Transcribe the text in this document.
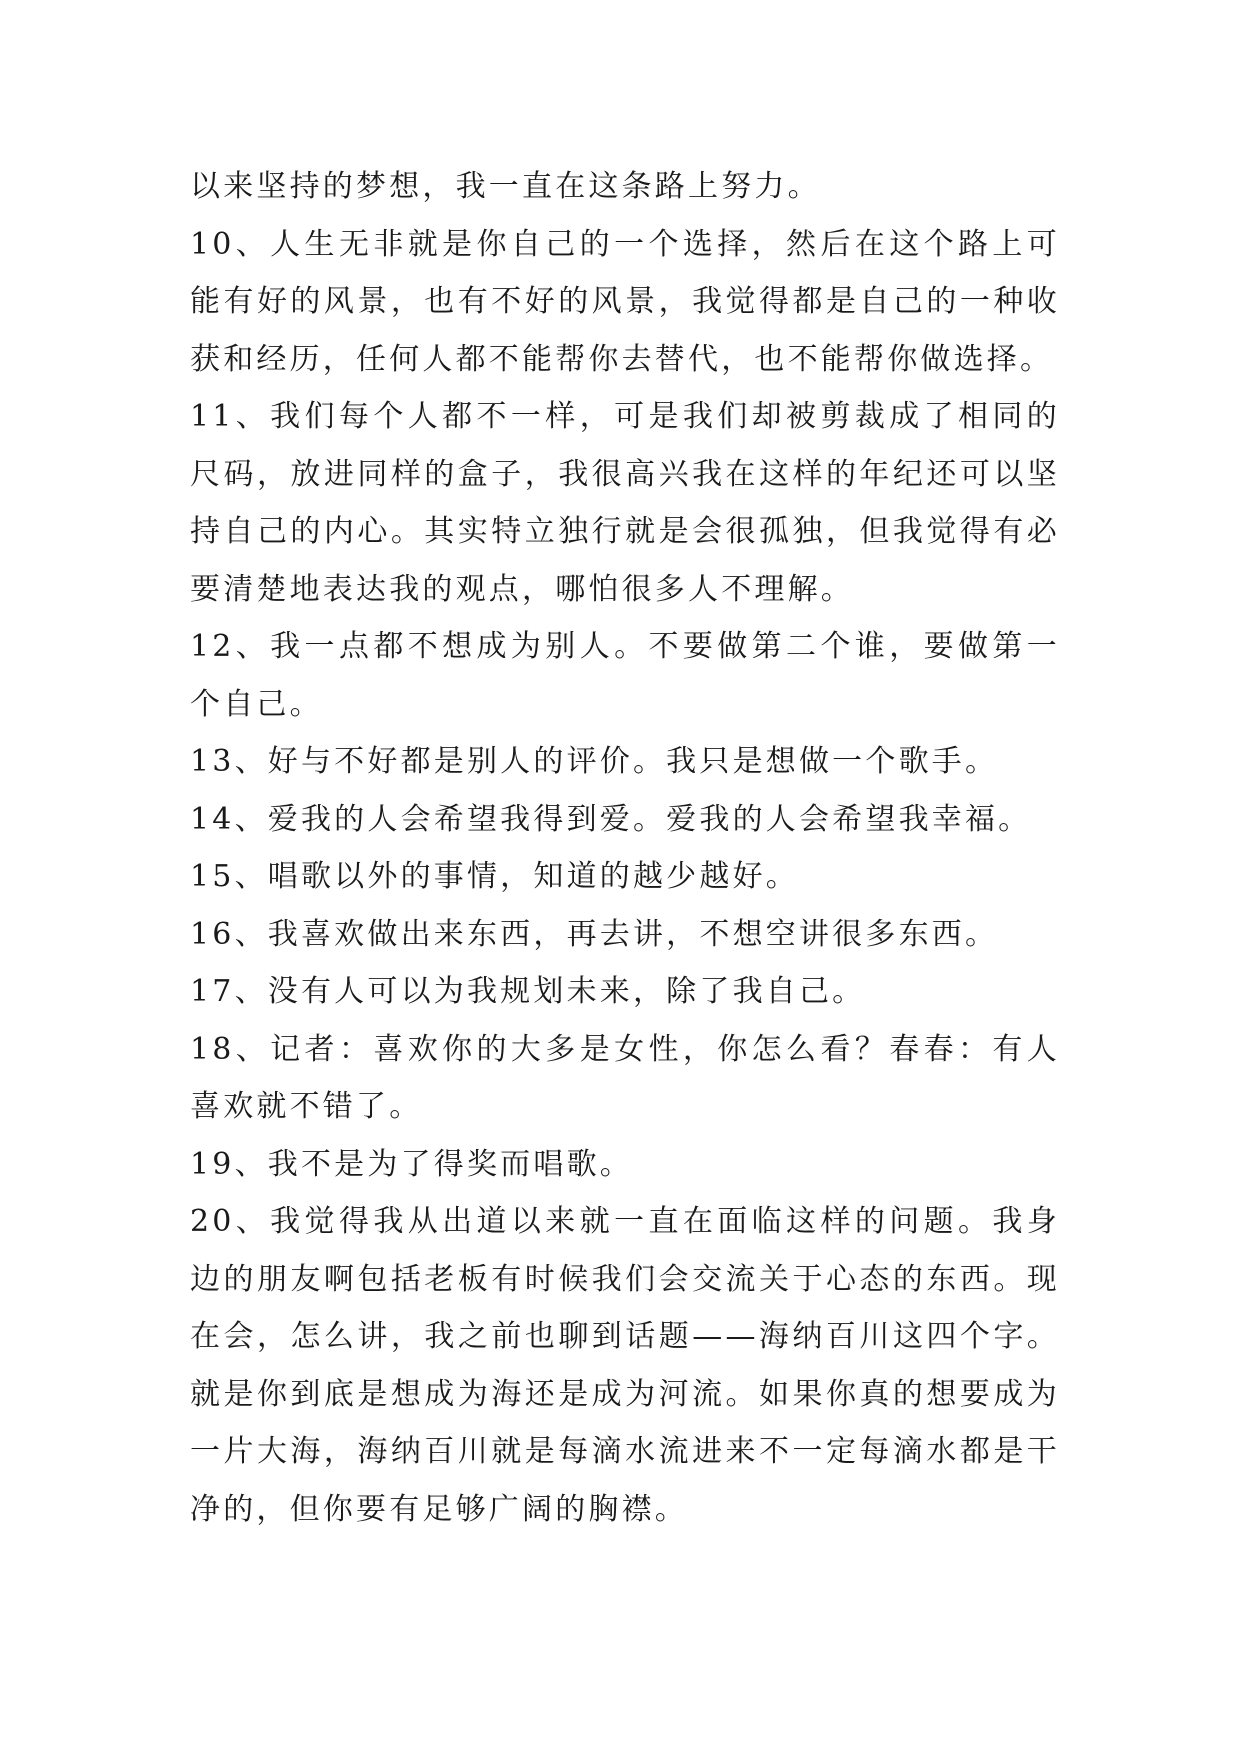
以来坚持的梦想，我一直在这条路上努力。

10、人生无非就是你自己的一个选择，然后在这个路上可能有好的风景，也有不好的风景，我觉得都是自己的一种收获和经历，任何人都不能帮你去替代，也不能帮你做选择。

11、我们每个人都不一样，可是我们却被剪裁成了相同的尺码，放进同样的盒子，我很高兴我在这样的年纪还可以坚持自己的内心。其实特立独行就是会很孤独，但我觉得有必要清楚地表达我的观点，哪怕很多人不理解。

12、我一点都不想成为别人。不要做第二个谁，要做第一个自己。

13、好与不好都是别人的评价。我只是想做一个歌手。

14、爱我的人会希望我得到爱。爱我的人会希望我幸福。

15、唱歌以外的事情，知道的越少越好。

16、我喜欢做出来东西，再去讲，不想空讲很多东西。

17、没有人可以为我规划未来，除了我自己。

18、记者：喜欢你的大多是女性，你怎么看？春春：有人喜欢就不错了。

19、我不是为了得奖而唱歌。

20、我觉得我从出道以来就一直在面临这样的问题。我身边的朋友啊包括老板有时候我们会交流关于心态的东西。现在会，怎么讲，我之前也聊到话题——海纳百川这四个字。就是你到底是想成为海还是成为河流。如果你真的想要成为一片大海，海纳百川就是每滴水流进来不一定每滴水都是干净的，但你要有足够广阔的胸襟。
